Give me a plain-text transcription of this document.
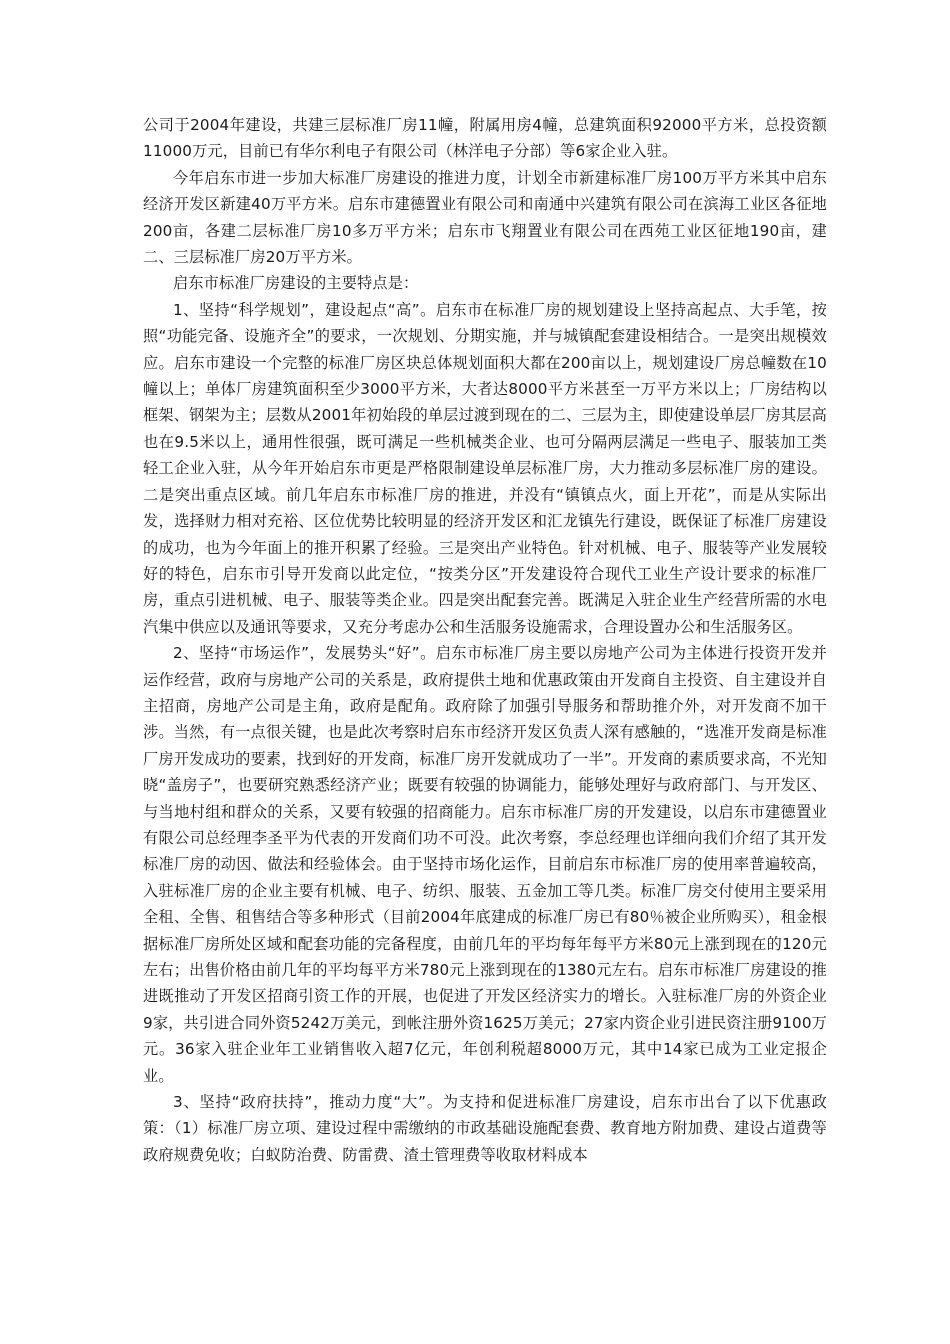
公司于2004年建设，共建三层标准厂房11幢，附属用房4幢，总建筑面积92000平方米，总投资额11000万元，目前已有华尔利电子有限公司（林洋电子分部）等6家企业入驻。

今年启东市进一步加大标准厂房建设的推进力度，计划全市新建标准厂房100万平方米其中启东经济开发区新建40万平方米。启东市建德置业有限公司和南通中兴建筑有限公司在滨海工业区各征地200亩，各建二层标准厂房10多万平方米；启东市飞翔置业有限公司在西苑工业区征地190亩，建二、三层标准厂房20万平方米。

启东市标准厂房建设的主要特点是：

1、坚持“科学规划”，建设起点“高”。启东市在标准厂房的规划建设上坚持高起点、大手笔，按照“功能完备、设施齐全”的要求，一次规划、分期实施，并与城镇配套建设相结合。一是突出规模效应。启东市建设一个完整的标准厂房区块总体规划面积大都在200亩以上，规划建设厂房总幢数在10幢以上；单体厂房建筑面积至少3000平方米，大者达8000平方米甚至一万平方米以上；厂房结构以框架、钢架为主；层数从2001年初始段的单层过渡到现在的二、三层为主，即使建设单层厂房其层高也在9.5米以上，通用性很强，既可满足一些机械类企业、也可分隔两层满足一些电子、服装加工类轻工企业入驻，从今年开始启东市更是严格限制建设单层标准厂房，大力推动多层标准厂房的建设。二是突出重点区域。前几年启东市标准厂房的推进，并没有“镇镇点火，面上开花”，而是从实际出发，选择财力相对充裕、区位优势比较明显的经济开发区和汇龙镇先行建设，既保证了标准厂房建设的成功，也为今年面上的推开积累了经验。三是突出产业特色。针对机械、电子、服装等产业发展较好的特色，启东市引导开发商以此定位，“按类分区”开发建设符合现代工业生产设计要求的标准厂房，重点引进机械、电子、服装等类企业。四是突出配套完善。既满足入驻企业生产经营所需的水电汽集中供应以及通讯等要求，又充分考虑办公和生活服务设施需求，合理设置办公和生活服务区。

2、坚持“市场运作”，发展势头“好”。启东市标准厂房主要以房地产公司为主体进行投资开发并运作经营，政府与房地产公司的关系是，政府提供土地和优惠政策由开发商自主投资、自主建设并自主招商，房地产公司是主角，政府是配角。政府除了加强引导服务和帮助推介外，对开发商不加干涉。当然，有一点很关键，也是此次考察时启东市经济开发区负责人深有感触的，“选准开发商是标准厂房开发成功的要素，找到好的开发商，标准厂房开发就成功了一半”。开发商的素质要求高，不光知晓“盖房子”，也要研究熟悉经济产业；既要有较强的协调能力，能够处理好与政府部门、与开发区、与当地村组和群众的关系，又要有较强的招商能力。启东市标准厂房的开发建设，以启东市建德置业有限公司总经理李圣平为代表的开发商们功不可没。此次考察，李总经理也详细向我们介绍了其开发标准厂房的动因、做法和经验体会。由于坚持市场化运作，目前启东市标准厂房的使用率普遍较高，入驻标准厂房的企业主要有机械、电子、纺织、服装、五金加工等几类。标准厂房交付使用主要采用全租、全售、租售结合等多种形式（目前2004年底建成的标准厂房已有80％被企业所购买），租金根据标准厂房所处区域和配套功能的完备程度，由前几年的平均每年每平方米80元上涨到现在的120元左右；出售价格由前几年的平均每平方米780元上涨到现在的1380元左右。启东市标准厂房建设的推进既推动了开发区招商引资工作的开展，也促进了开发区经济实力的增长。入驻标准厂房的外资企业9家，共引进合同外资5242万美元，到帐注册外资1625万美元；27家内资企业引进民资注册9100万元。36家入驻企业年工业销售收入超7亿元，年创利税超8000万元，其中14家已成为工业定报企业。

3、坚持“政府扶持”，推动力度“大”。为支持和促进标准厂房建设，启东市出台了以下优惠政策：（1）标准厂房立项、建设过程中需缴纳的市政基础设施配套费、教育地方附加费、建设占道费等政府规费免收；白蚁防治费、防雷费、渣土管理费等收取材料成本
